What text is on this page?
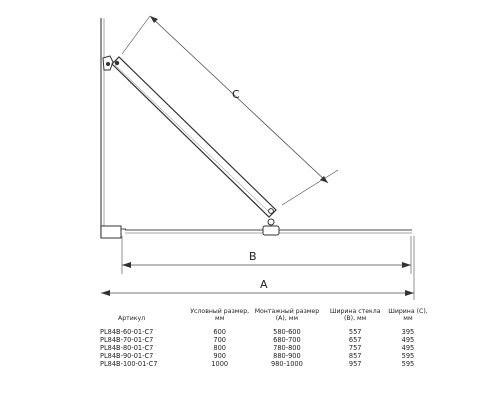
C
B
A
Артикул	Условный размер, мм	Монтажный размер (А), мм	Ширина стекла (В), мм	Ширина (С), мм
PL84B-60-01-C7	600	580-600	557	395
PL84B-70-01-C7	700	680-700	657	495
PL84B-80-01-C7	800	780-800	757	495
PL84B-90-01-C7	900	880-900	857	595
PL84B-100-01-C7	1000	980-1000	957	595
